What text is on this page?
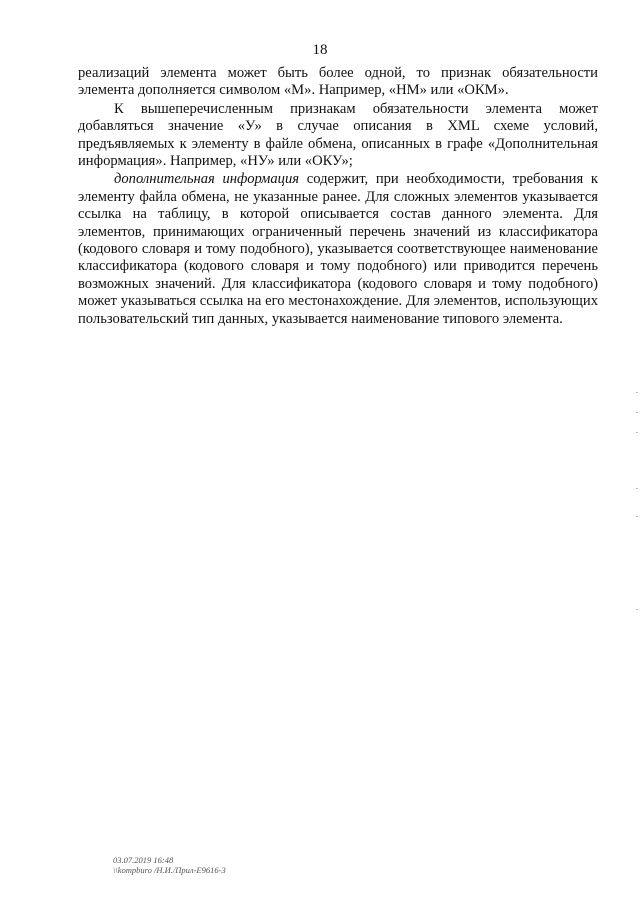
18

реализаций элемента может быть более одной, то признак обязательности элемента дополняется символом «М». Например, «НМ» или «ОКМ».

К вышеперечисленным признакам обязательности элемента может добавляться значение «У» в случае описания в XML схеме условий, предъявляемых к элементу в файле обмена, описанных в графе «Дополнительная информация». Например, «НУ» или «ОКУ»;

дополнительная информация содержит, при необходимости, требования к элементу файла обмена, не указанные ранее. Для сложных элементов указывается ссылка на таблицу, в которой описывается состав данного элемента. Для элементов, принимающих ограниченный перечень значений из классификатора (кодового словаря и тому подобного), указывается соответствующее наименование классификатора (кодового словаря и тому подобного) или приводится перечень возможных значений. Для классификатора (кодового словаря и тому подобного) может указываться ссылка на его местонахождение. Для элементов, использующих пользовательский тип данных, указывается наименование типового элемента.

03.07.2019 16:48
\\kompburo /Н.И./Прил-Е9616-3
